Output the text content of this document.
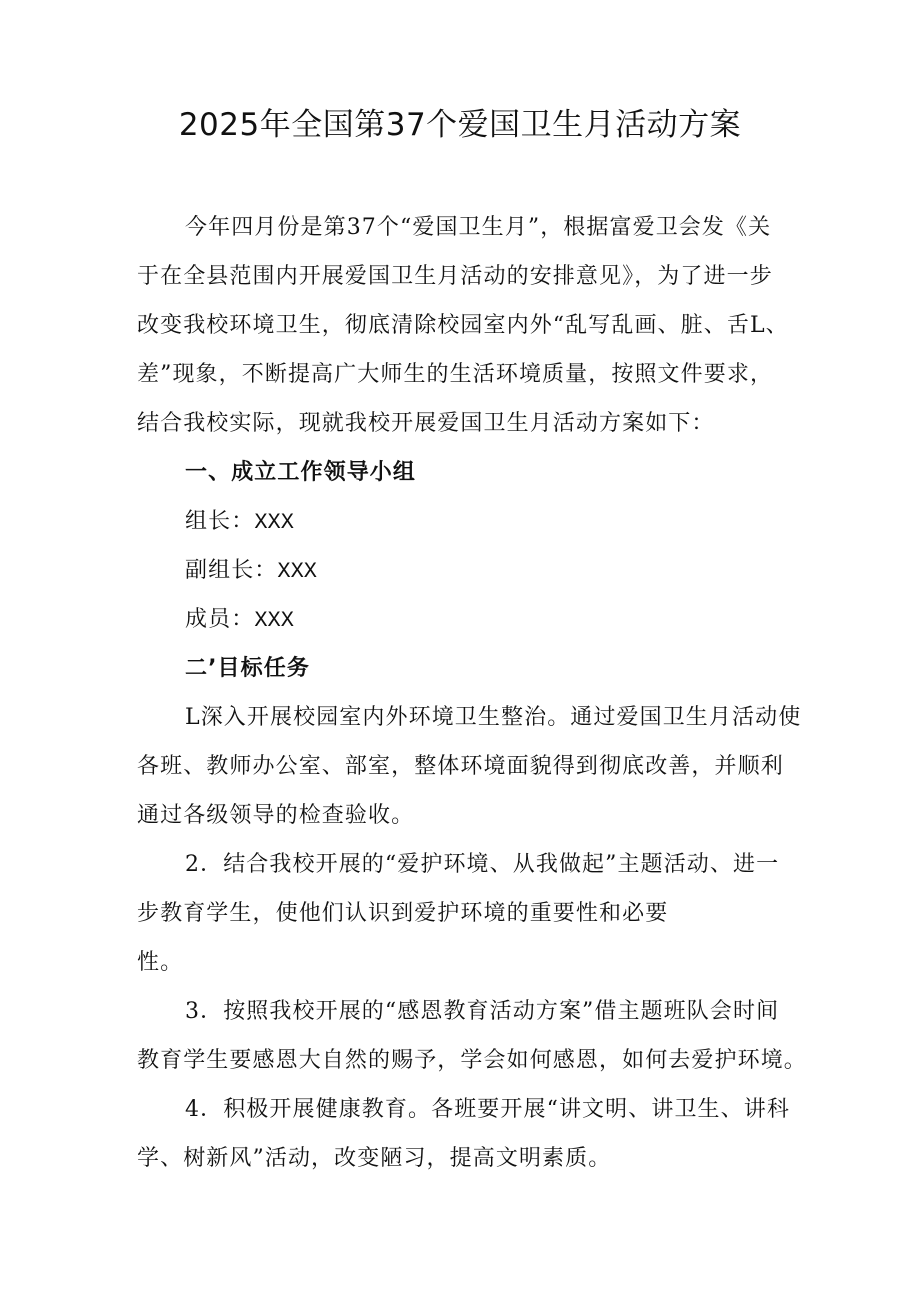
2025年全国第37个爱国卫生月活动方案
今年四月份是第37个“爱国卫生月”，根据富爱卫会发《关
于在全县范围内开展爱国卫生月活动的安排意见》，为了进一步
改变我校环境卫生，彻底清除校园室内外“乱写乱画、脏、舌L、
差”现象，不断提高广大师生的生活环境质量，按照文件要求，
结合我校实际，现就我校开展爱国卫生月活动方案如下：
一、成立工作领导小组
组长：XXX
副组长：XXX
成员：XXX
二’目标任务
L深入开展校园室内外环境卫生整治。通过爱国卫生月活动使
各班、教师办公室、部室，整体环境面貌得到彻底改善，并顺利
通过各级领导的检查验收。
2．结合我校开展的“爱护环境、从我做起”主题活动、进一
步教育学生，使他们认识到爱护环境的重要性和必要
性。
3．按照我校开展的“感恩教育活动方案”借主题班队会时间
教育学生要感恩大自然的赐予，学会如何感恩，如何去爱护环境。
4．积极开展健康教育。各班要开展“讲文明、讲卫生、讲科
学、树新风”活动，改变陋习，提高文明素质。
